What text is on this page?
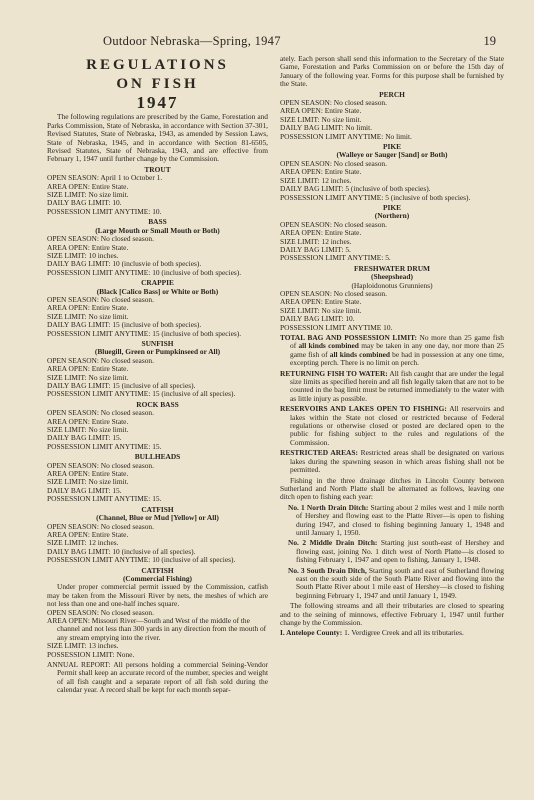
Outdoor Nebraska—Spring, 1947	19
REGULATIONS
ON FISH
1947

The following regulations are prescribed by the Game, Forestation and Parks Commission, State of Nebraska, in accordance with Section 37-301, Revised Statutes, State of Nebraska, 1943, as amended by Session Laws, State of Nebraska, 1945, and in accordance with Section 81-6505, Revised Statutes, State of Nebraska, 1943, and are effective from February 1, 1947 until further change by the Commission.

TROUT
OPEN SEASON: April 1 to October 1.
AREA OPEN: Entire State.
SIZE LIMIT: No size limit.
DAILY BAG LIMIT: 10.
POSSESSION LIMIT ANYTIME: 10.
BASS
(Large Mouth or Small Mouth or Both)
OPEN SEASON: No closed season.
AREA OPEN: Entire State.
SIZE LIMIT: 10 inches.
DAILY BAG LIMIT: 10 (inclusvie of both species).
POSSESSION LIMIT ANYTIME: 10 (inclusive of both species).
CRAPPIE
(Black [Calico Bass] or White or Both)
OPEN SEASON: No closed season.
AREA OPEN: Entire State.
SIZE LIMIT: No size limit.
DAILY BAG LIMIT: 15 (inclusive of both species).
POSSESSION LIMIT ANYTIME: 15 (inclusive of both species).
SUNFISH
(Bluegill, Green or Pumpkinseed or All)
OPEN SEASON: No closed season.
AREA OPEN: Entire State.
SIZE LIMIT: No size limit.
DAILY BAG LIMIT: 15 (inclusive of all species).
POSSESSION LIMIT ANYTIME: 15 (inclusive of all species).
ROCK BASS
OPEN SEASON: No closed season.
AREA OPEN: Entire State.
SIZE LIMIT: No size limit.
DAILY BAG LIMIT: 15.
POSSESSION LIMIT ANYTIME: 15.
BULLHEADS
OPEN SEASON: No closed season.
AREA OPEN: Entire State.
SIZE LIMIT: No size limit.
DAILY BAG LIMIT: 15.
POSSESSION LIMIT ANYTIME: 15.
CATFISH
(Channel, Blue or Mud [Yellow] or All)
OPEN SEASON: No closed season.
AREA OPEN: Entire State.
SIZE LIMIT: 12 inches.
DAILY BAG LIMIT: 10 (inclusive of all species).
POSSESSION LIMIT ANYTIME: 10 (inclusive of all species).
CATFISH
(Commercial Fishing)

Under proper commercial permit issued by the Commission, catfish may be taken from the Missouri River by nets, the meshes of which are not less than one and one-half inches square.

OPEN SEASON: No closed season.
AREA OPEN: Missouri River—South and West of the middle of the channel and not less than 300 yards in any direction from the mouth of any stream emptying into the river.
SIZE LIMIT: 13 inches.
POSSESSION LIMIT: None.

ANNUAL REPORT: All persons holding a commercial Seining-Vendor Permit shall keep an accurate record of the number, species and weight of all fish caught and a separate report of all fish sold during the calendar year. A record shall be kept for each month separ-

ately. Each person shall send this information to the Secretary of the State Game, Forestation and Parks Commission on or before the 15th day of January of the following year. Forms for this purpose shall be furnished by the State.

PERCH
OPEN SEASON: No closed season.
AREA OPEN: Entire State.
SIZE LIMIT: No size limit.
DAILY BAG LIMIT: No limit.
POSSESSION LIMIT ANYTIME: No limit.
PIKE
(Walleye or Sauger [Sand] or Both)
OPEN SEASON: No closed season.
AREA OPEN: Entire State.
SIZE LIMIT: 12 inches.
DAILY BAG LIMIT: 5 (inclusive of both species).
POSSESSION LIMIT ANYTIME: 5 (inclusive of both species).
PIKE
(Northern)
OPEN SEASON: No closed season.
AREA OPEN: Entire State.
SIZE LIMIT: 12 inches.
DAILY BAG LIMIT: 5.
POSSESSION LIMIT ANYTIME: 5.
FRESHWATER DRUM
(Sheepshead)
(Haploidonotus Grunniens)
OPEN SEASON: No closed season.
AREA OPEN: Entire State.
SIZE LIMIT: No size limit.
DAILY BAG LIMIT: 10.
POSSESSION LIMIT ANYTIME 10.

TOTAL BAG AND POSSESSION LIMIT: No more than 25 game fish of all kinds combined may be taken in any one day, nor more than 25 game fish of all kinds combined be had in possession at any one time, excepting perch. There is no limit on perch.

RETURNING FISH TO WATER: All fish caught that are under the legal size limits as specified herein and all fish legally taken that are not to be counted in the bag limit must be returned immediately to the water with as little injury as possible.

RESERVOIRS AND LAKES OPEN TO FISHING: All reservoirs and lakes within the State not closed or restricted because of Federal regulations or otherwise closed or posted are declared open to the public for fishing subject to the rules and regulations of the Commission.

RESTRICTED AREAS: Restricted areas shall be designated on various lakes during the spawning season in which areas fishing shall not be permitted.

Fishing in the three drainage ditches in Lincoln County between Sutherland and North Platte shall be alternated as follows, leaving one ditch open to fishing each year:

No. 1 North Drain Ditch: Starting about 2 miles west and 1 mile north of Hershey and flowing east to the Platte River—is open to fishing during 1947, and closed to fishing beginning January 1, 1948 and until January 1, 1950.

No. 2 Middle Drain Ditch: Starting just south-east of Hershey and flowing east, joining No. 1 ditch west of North Platte—is closed to fishing February 1, 1947 and open to fishing, January 1, 1948.

No. 3 South Drain Ditch, Starting south and east of Sutherland flowing east on the south side of the South Platte River and flowing into the South Platte River about 1 mile east of Hershey—is closed to fishing beginning February 1, 1947 and until January 1, 1949.

The following streams and all their tributaries are closed to spearing and to the seining of minnows, effective February 1, 1947 until further change by the Commission.

I. Antelope County: 1. Verdigree Creek and all its tributaries.
